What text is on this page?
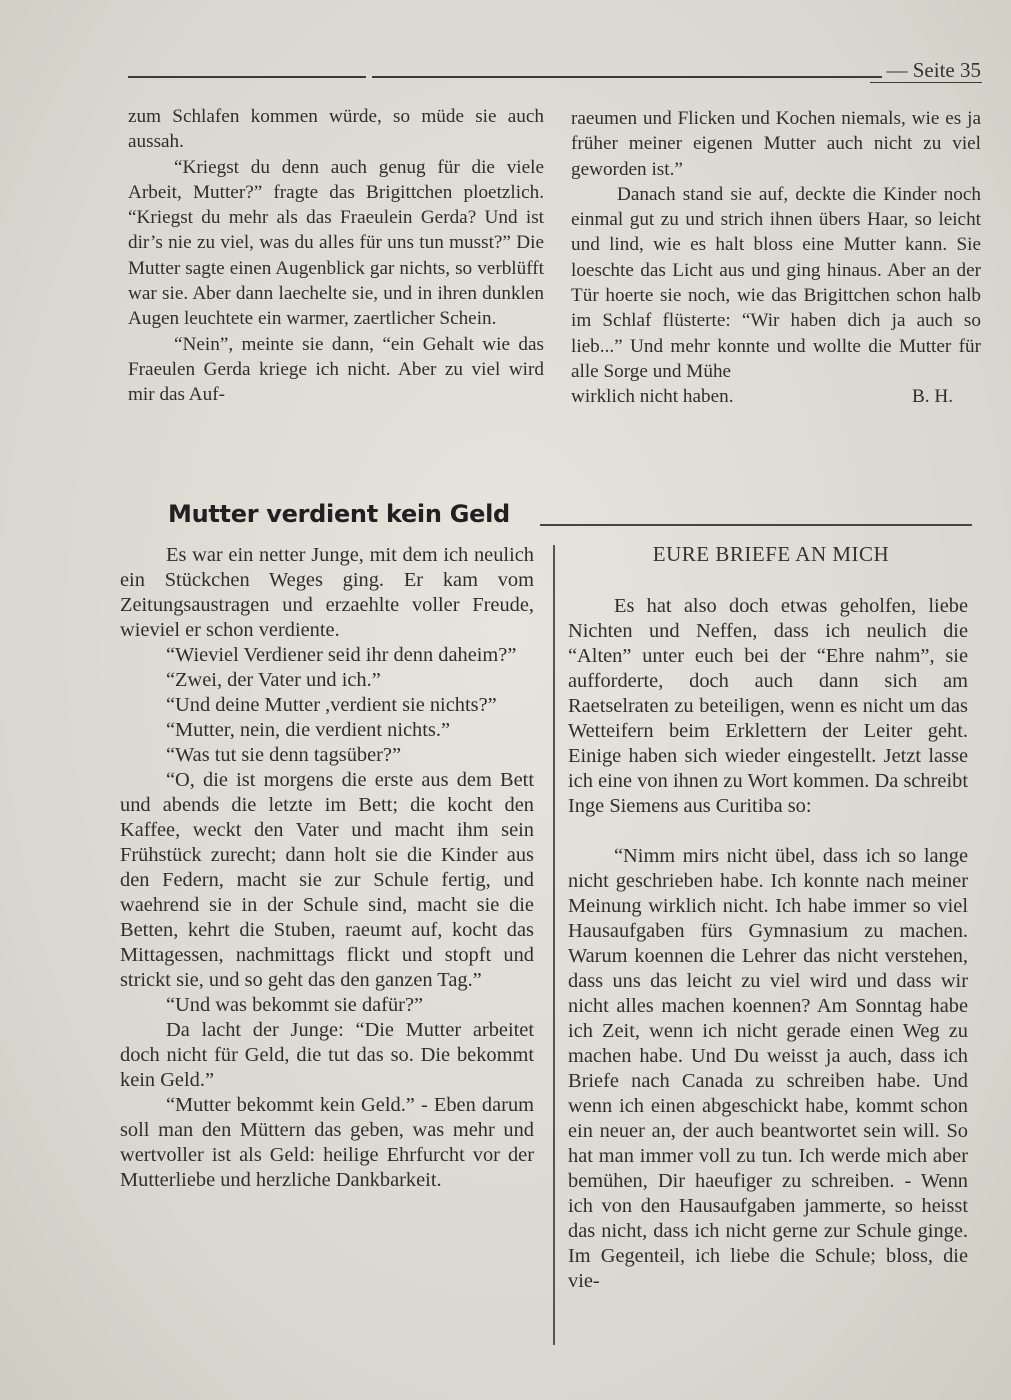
— Seite 35

zum Schlafen kommen würde, so müde sie auch aussah.

“Kriegst du denn auch genug für die viele Arbeit, Mutter?” fragte das Brigittchen ploetzlich. “Kriegst du mehr als das Fraeulein Gerda? Und ist dir’s nie zu viel, was du alles für uns tun musst?” Die Mutter sagte einen Augenblick gar nichts, so verblüfft war sie. Aber dann laechelte sie, und in ihren dunklen Augen leuchtete ein warmer, zaertlicher Schein.

“Nein”, meinte sie dann, “ein Gehalt wie das Fraeulen Gerda kriege ich nicht. Aber zu viel wird mir das Auf-

raeumen und Flicken und Kochen niemals, wie es ja früher meiner eigenen Mutter auch nicht zu viel geworden ist.”

Danach stand sie auf, deckte die Kinder noch einmal gut zu und strich ihnen übers Haar, so leicht und lind, wie es halt bloss eine Mutter kann. Sie loeschte das Licht aus und ging hinaus. Aber an der Tür hoerte sie noch, wie das Brigittchen schon halb im Schlaf flüsterte: “Wir haben dich ja auch so lieb...” Und mehr konnte und wollte die Mutter für alle Sorge und Mühe

wirklich nicht haben.	B. H.
Mutter verdient kein Geld

Es war ein netter Junge, mit dem ich neulich ein Stückchen Weges ging. Er kam vom Zeitungsaustragen und erzaehlte voller Freude, wieviel er schon verdiente.

“Wieviel Verdiener seid ihr denn daheim?”

“Zwei, der Vater und ich.”

“Und deine Mutter ,verdient sie nichts?”

“Mutter, nein, die verdient nichts.”

“Was tut sie denn tagsüber?”

“O, die ist morgens die erste aus dem Bett und abends die letzte im Bett; die kocht den Kaffee, weckt den Vater und macht ihm sein Frühstück zurecht; dann holt sie die Kinder aus den Federn, macht sie zur Schule fertig, und waehrend sie in der Schule sind, macht sie die Betten, kehrt die Stuben, raeumt auf, kocht das Mittagessen, nachmittags flickt und stopft und strickt sie, und so geht das den ganzen Tag.”

“Und was bekommt sie dafür?”

Da lacht der Junge: “Die Mutter arbeitet doch nicht für Geld, die tut das so. Die bekommt kein Geld.”

“Mutter bekommt kein Geld.” - Eben darum soll man den Müttern das geben, was mehr und wertvoller ist als Geld: heilige Ehrfurcht vor der Mutterliebe und herzliche Dankbarkeit.

EURE BRIEFE AN MICH

Es hat also doch etwas geholfen, liebe Nichten und Neffen, dass ich neulich die “Alten” unter euch bei der “Ehre nahm”, sie aufforderte, doch auch dann sich am Raetselraten zu beteiligen, wenn es nicht um das Wetteifern beim Erklettern der Leiter geht. Einige haben sich wieder eingestellt. Jetzt lasse ich eine von ihnen zu Wort kommen. Da schreibt Inge Siemens aus Curitiba so:

“Nimm mirs nicht übel, dass ich so lange nicht geschrieben habe. Ich konnte nach meiner Meinung wirklich nicht. Ich habe immer so viel Hausaufgaben fürs Gymnasium zu machen. Warum koennen die Lehrer das nicht verstehen, dass uns das leicht zu viel wird und dass wir nicht alles machen koennen? Am Sonntag habe ich Zeit, wenn ich nicht gerade einen Weg zu machen habe. Und Du weisst ja auch, dass ich Briefe nach Canada zu schreiben habe. Und wenn ich einen abgeschickt habe, kommt schon ein neuer an, der auch beantwortet sein will. So hat man immer voll zu tun. Ich werde mich aber bemühen, Dir haeufiger zu schreiben. - Wenn ich von den Hausaufgaben jammerte, so heisst das nicht, dass ich nicht gerne zur Schule ginge. Im Gegenteil, ich liebe die Schule; bloss, die vie-
